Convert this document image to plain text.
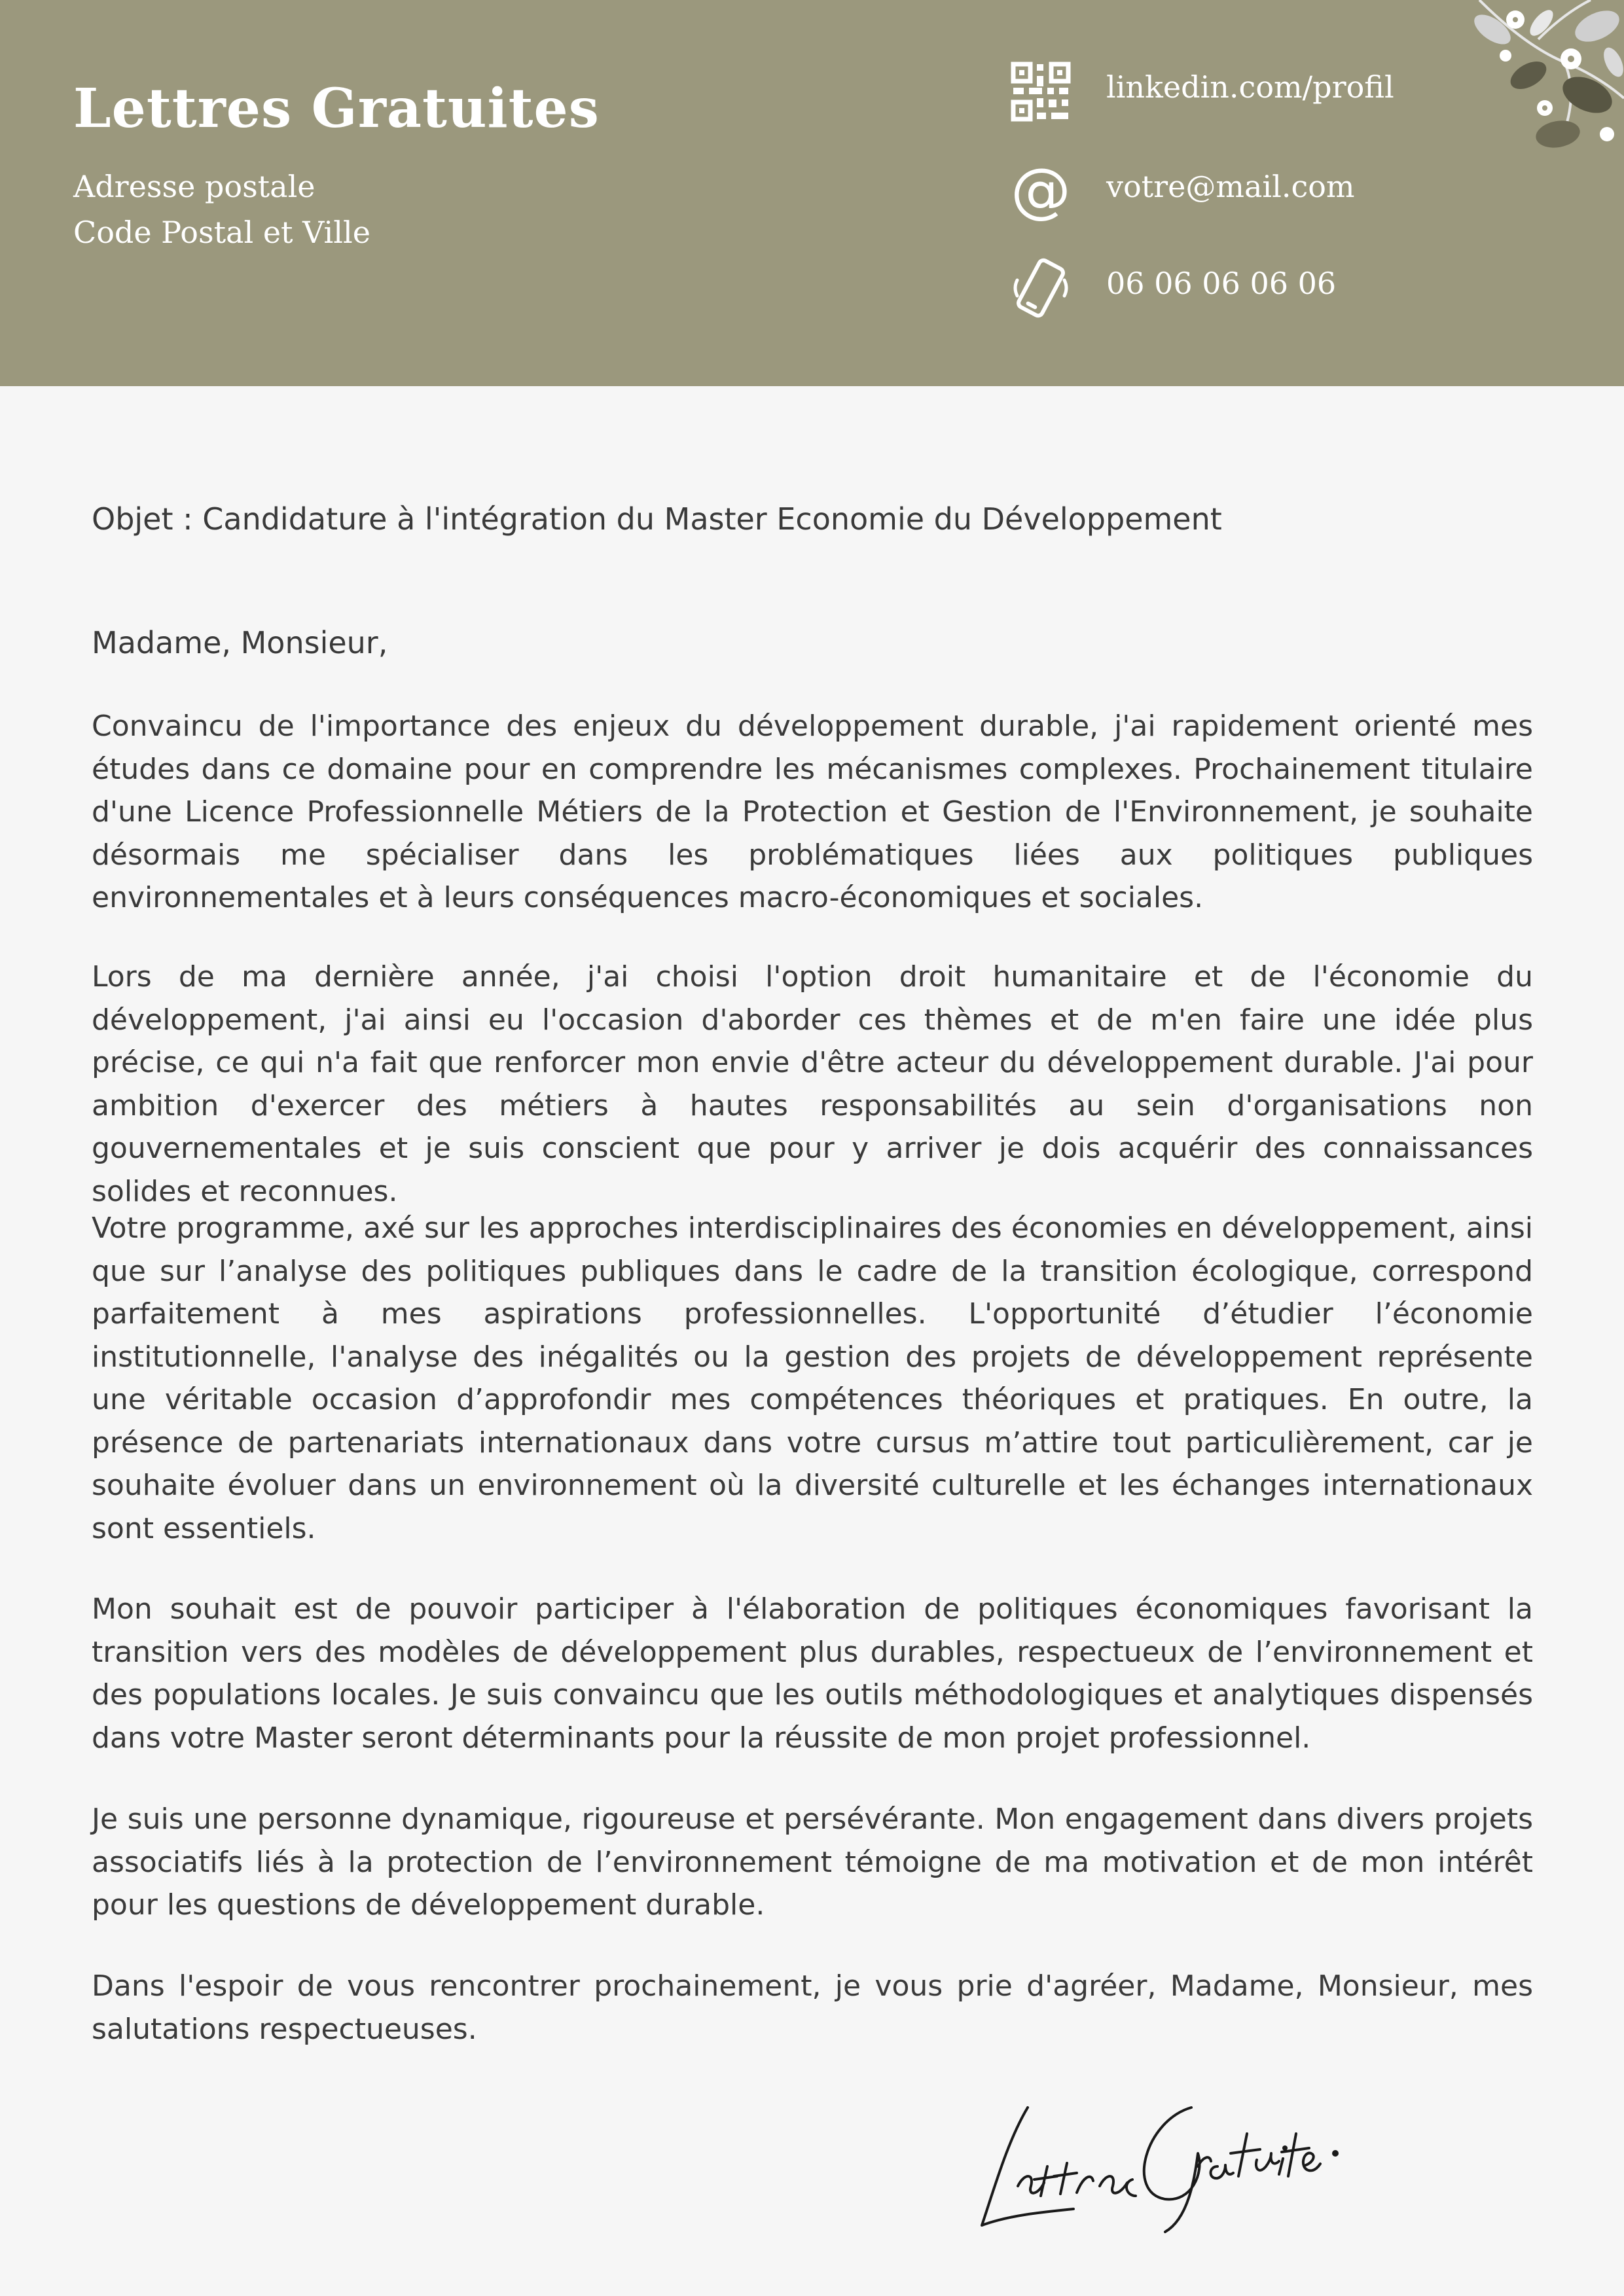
Lettres Gratuites
Adresse postale
Code Postal et Ville
linkedin.com/profil
@ votre@mail.com
06 06 06 06 06
Objet : Candidature à l'intégration du Master Economie du Développement
Madame, Monsieur,

Convaincu de l'importance des enjeux du développement durable, j'ai rapidement orienté mes études dans ce domaine pour en comprendre les mécanismes complexes. Prochainement titulaire d'une Licence Professionnelle Métiers de la Protection et Gestion de l'Environnement, je souhaite désormais me spécialiser dans les problématiques liées aux politiques publiques environnementales et à leurs conséquences macro-économiques et sociales.

Lors de ma dernière année, j'ai choisi l'option droit humanitaire et de l'économie du développement, j'ai ainsi eu l'occasion d'aborder ces thèmes et de m'en faire une idée plus précise, ce qui n'a fait que renforcer mon envie d'être acteur du développement durable. J'ai pour ambition d'exercer des métiers à hautes responsabilités au sein d'organisations non gouvernementales et je suis conscient que pour y arriver je dois acquérir des connaissances solides et reconnues.

Votre programme, axé sur les approches interdisciplinaires des économies en développement, ainsi que sur l’analyse des politiques publiques dans le cadre de la transition écologique, correspond parfaitement à mes aspirations professionnelles. L'opportunité d’étudier l’économie institutionnelle, l'analyse des inégalités ou la gestion des projets de développement représente une véritable occasion d’approfondir mes compétences théoriques et pratiques. En outre, la présence de partenariats internationaux dans votre cursus m’attire tout particulièrement, car je souhaite évoluer dans un environnement où la diversité culturelle et les échanges internationaux sont essentiels.

Mon souhait est de pouvoir participer à l'élaboration de politiques économiques favorisant la transition vers des modèles de développement plus durables, respectueux de l’environnement et des populations locales. Je suis convaincu que les outils méthodologiques et analytiques dispensés dans votre Master seront déterminants pour la réussite de mon projet professionnel.

Je suis une personne dynamique, rigoureuse et persévérante. Mon engagement dans divers projets associatifs liés à la protection de l’environnement témoigne de ma motivation et de mon intérêt pour les questions de développement durable.

Dans l'espoir de vous rencontrer prochainement, je vous prie d'agréer, Madame, Monsieur, mes salutations respectueuses.
